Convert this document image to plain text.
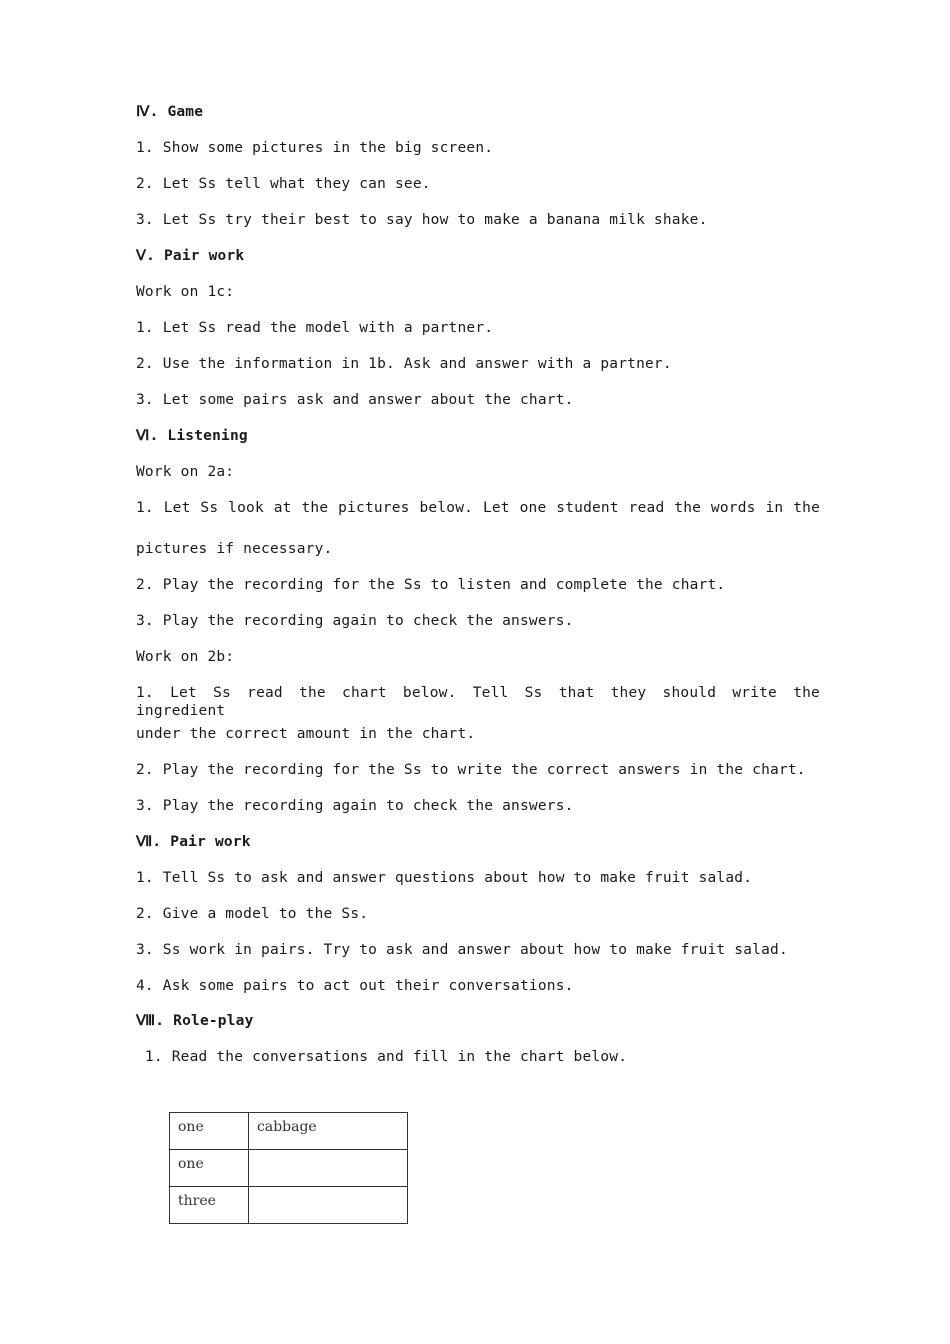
Ⅳ. Game
1. Show some pictures in the big screen.
2. Let Ss tell what they can see.
3. Let Ss try their best to say how to make a banana milk shake.
Ⅴ. Pair work
Work on 1c:
1. Let Ss read the model with a partner.
2. Use the information in 1b. Ask and answer with a partner.
3. Let some pairs ask and answer about the chart.
Ⅵ. Listening
Work on 2a:
1. Let Ss look at the pictures below. Let one student read the words in the
pictures if necessary.
2. Play the recording for the Ss to listen and complete the chart.
3. Play the recording again to check the answers.
Work on 2b:
1. Let Ss read the chart below. Tell Ss that they should write the ingredient
under the correct amount in the chart.
2. Play the recording for the Ss to write the correct answers in the chart.
3. Play the recording again to check the answers.
Ⅶ. Pair work
1. Tell Ss to ask and answer questions about how to make fruit salad.
2. Give a model to the Ss.
3. Ss work in pairs. Try to ask and answer about how to make fruit salad.
4. Ask some pairs to act out their conversations.
Ⅷ. Role-play
1. Read the conversations and fill in the chart below.
one	cabbage
one	
three	
